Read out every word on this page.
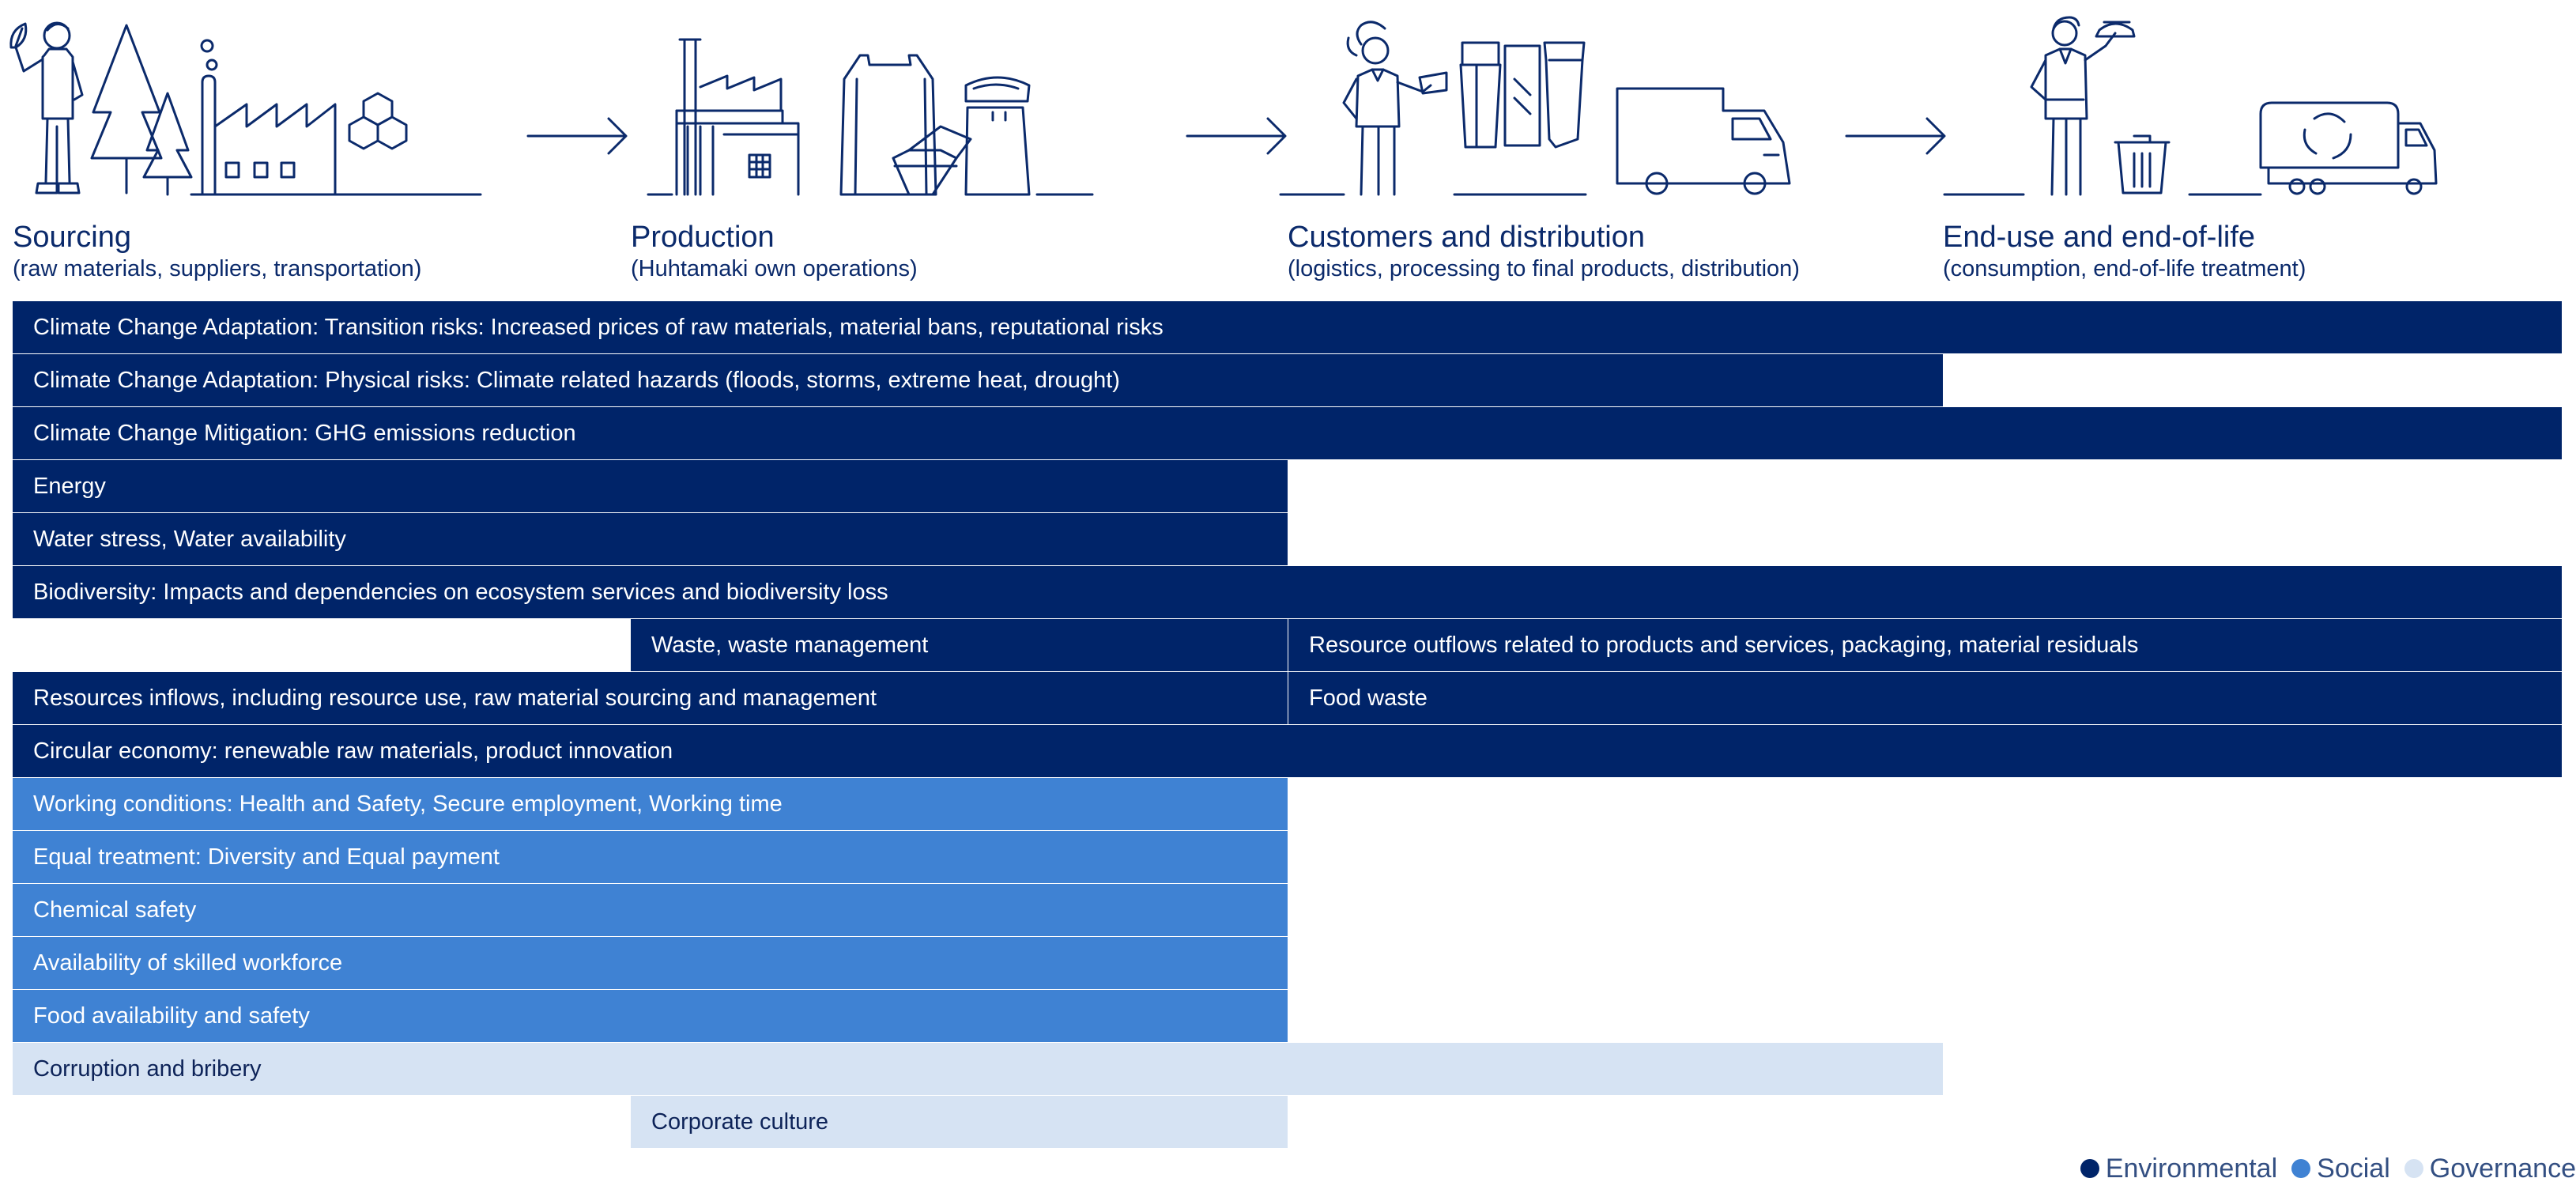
Sourcing
(raw materials, suppliers, transportation)
Production
(Huhtamaki own operations)
Customers and distribution
(logistics, processing to final products, distribution)
End-use and end-of-life
(consumption, end-of-life treatment)
Climate Change Adaptation: Transition risks: Increased prices of raw materials, material bans, reputational risks
Climate Change Adaptation: Physical risks: Climate related hazards (floods, storms, extreme heat, drought)
Climate Change Mitigation: GHG emissions reduction
Energy
Water stress, Water availability
Biodiversity: Impacts and dependencies on ecosystem services and biodiversity loss
Waste, waste management	Resource outflows related to products and services, packaging, material residuals
Resources inflows, including resource use, raw material sourcing and management	Food waste
Circular economy: renewable raw materials, product innovation
Working conditions: Health and Safety, Secure employment, Working time
Equal treatment: Diversity and Equal payment
Chemical safety
Availability of skilled workforce
Food availability and safety
Corruption and bribery
Corporate culture
Environmental Social Governance
